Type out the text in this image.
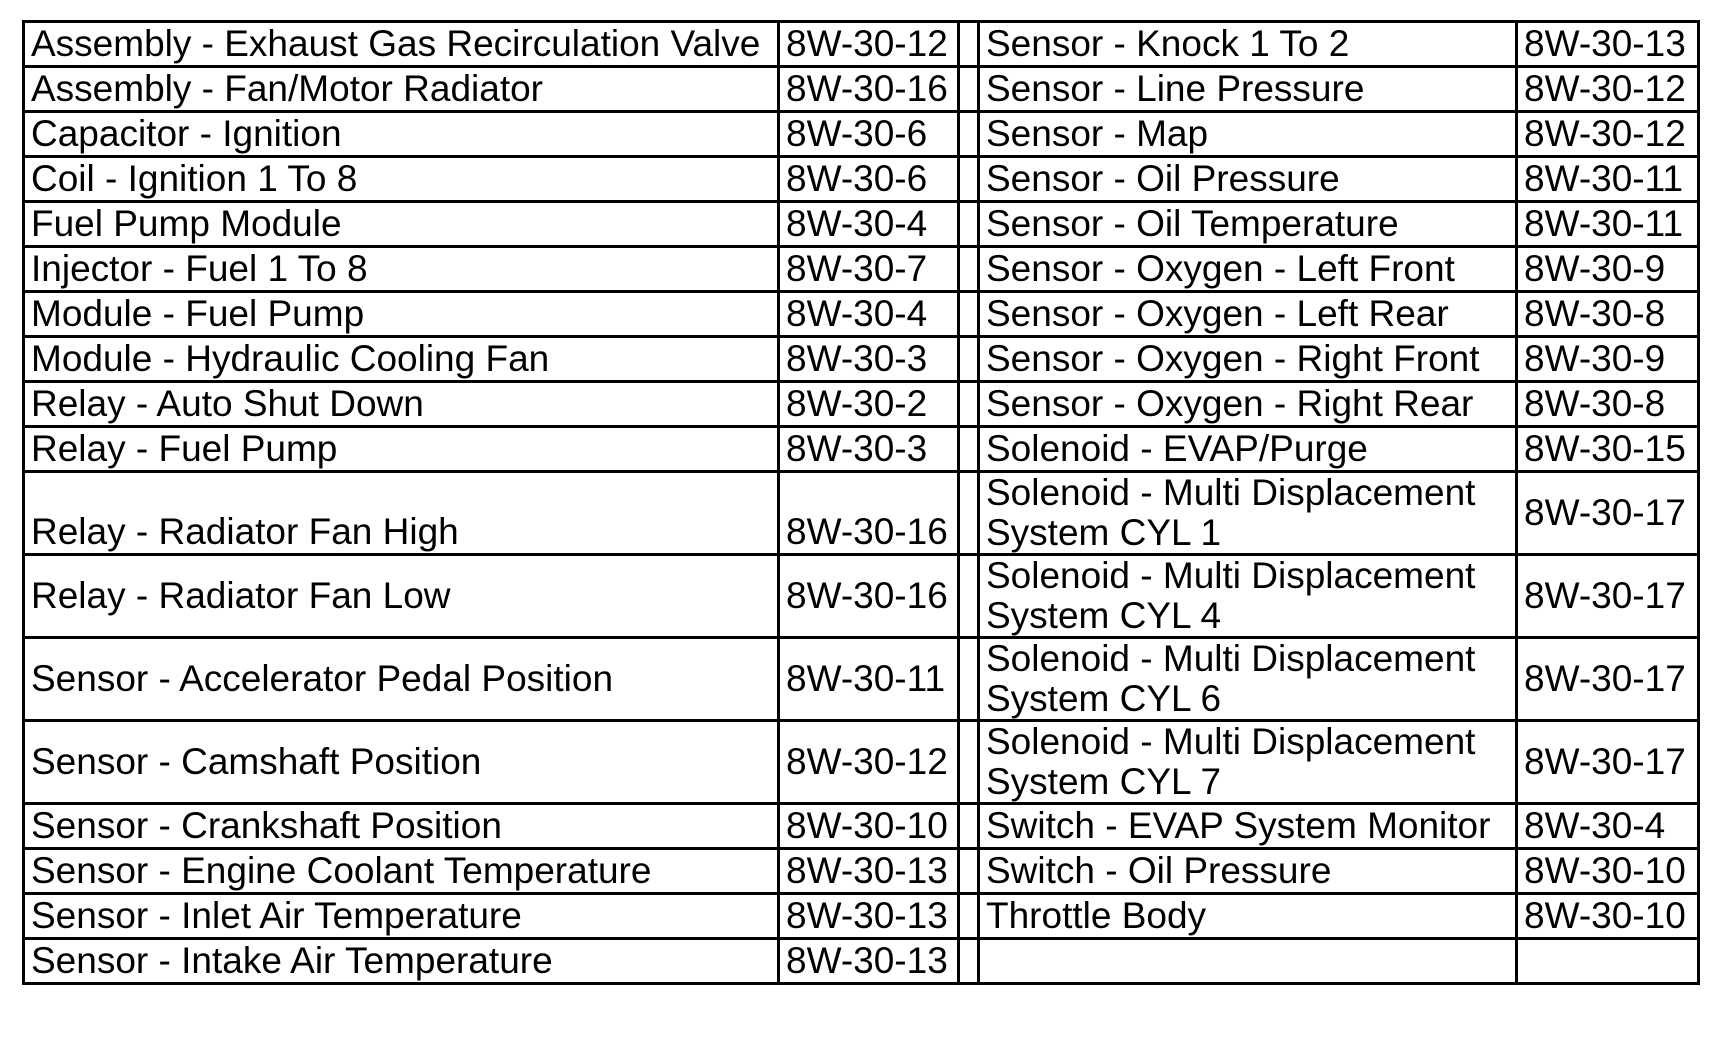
Assembly - Exhaust Gas Recirculation Valve	8W-30-12		Sensor - Knock 1 To 2	8W-30-13
Assembly - Fan/Motor Radiator	8W-30-16		Sensor - Line Pressure	8W-30-12
Capacitor - Ignition	8W-30-6		Sensor - Map	8W-30-12
Coil - Ignition 1 To 8	8W-30-6		Sensor - Oil Pressure	8W-30-11
Fuel Pump Module	8W-30-4		Sensor - Oil Temperature	8W-30-11
Injector - Fuel 1 To 8	8W-30-7		Sensor - Oxygen - Left Front	8W-30-9
Module - Fuel Pump	8W-30-4		Sensor - Oxygen - Left Rear	8W-30-8
Module - Hydraulic Cooling Fan	8W-30-3		Sensor - Oxygen - Right Front	8W-30-9
Relay - Auto Shut Down	8W-30-2		Sensor - Oxygen - Right Rear	8W-30-8
Relay - Fuel Pump	8W-30-3		Solenoid - EVAP/Purge	8W-30-15
Relay - Radiator Fan High	8W-30-16		Solenoid - Multi Displacement System CYL 1	8W-30-17
Relay - Radiator Fan Low	8W-30-16		Solenoid - Multi Displacement System CYL 4	8W-30-17
Sensor - Accelerator Pedal Position	8W-30-11		Solenoid - Multi Displacement System CYL 6	8W-30-17
Sensor - Camshaft Position	8W-30-12		Solenoid - Multi Displacement System CYL 7	8W-30-17
Sensor - Crankshaft Position	8W-30-10		Switch - EVAP System Monitor	8W-30-4
Sensor - Engine Coolant Temperature	8W-30-13		Switch - Oil Pressure	8W-30-10
Sensor - Inlet Air Temperature	8W-30-13		Throttle Body	8W-30-10
Sensor - Intake Air Temperature	8W-30-13			
